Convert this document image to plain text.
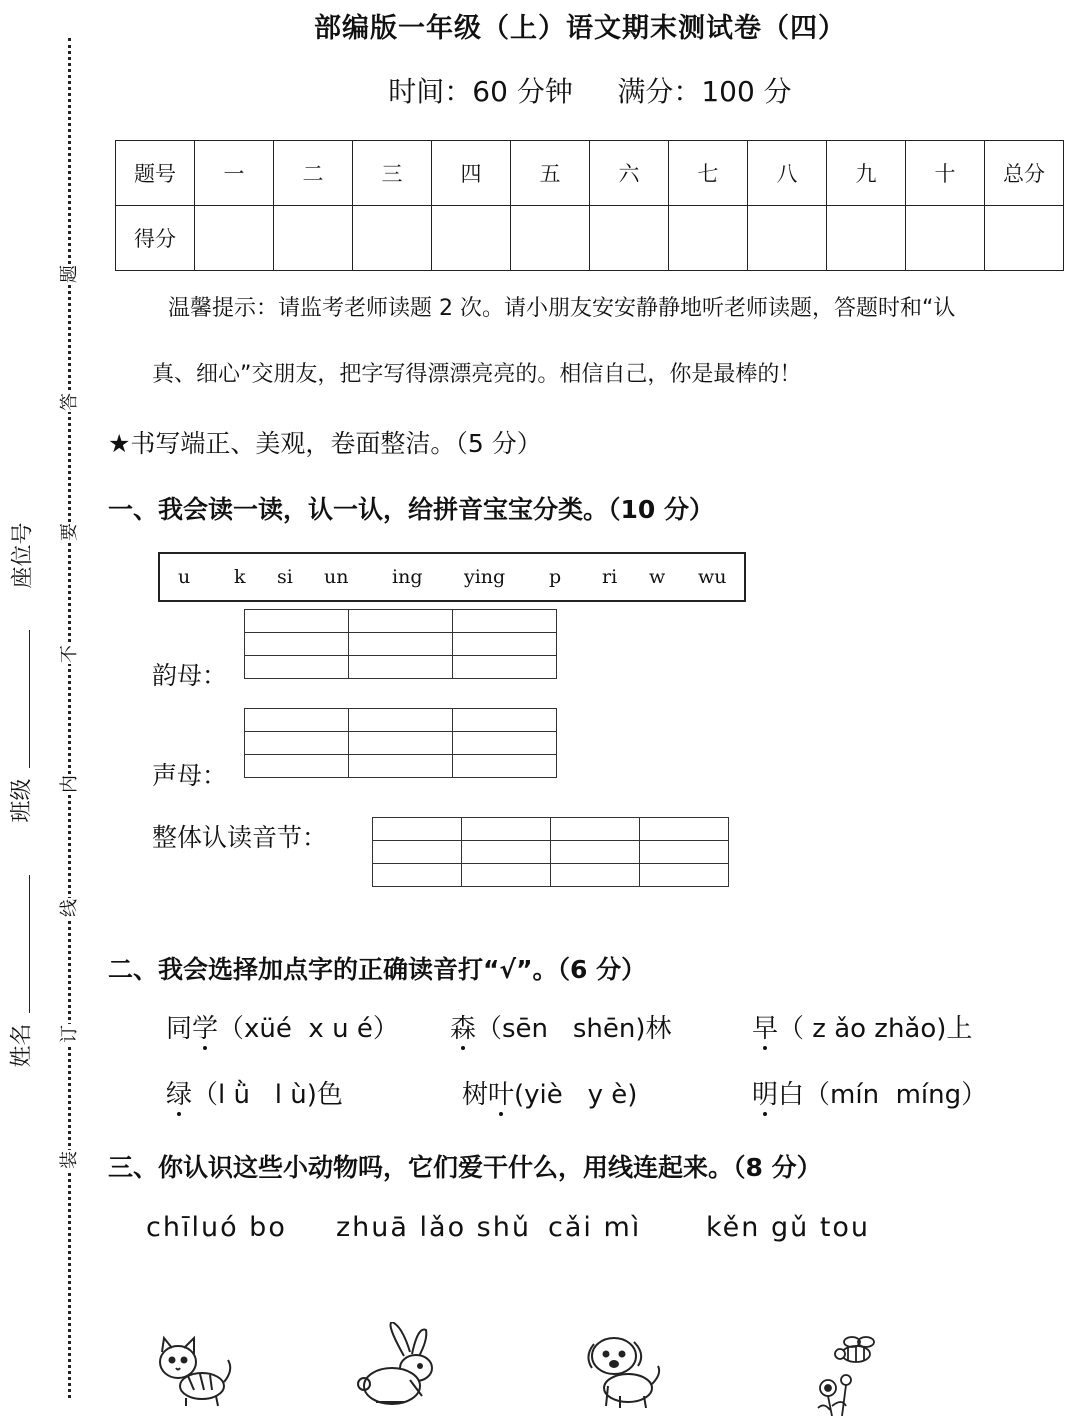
题
答
要
不
内
线
订
装
座位号
班级
姓名
部编版一年级（上）语文期末测试卷（四）
时间：60 分钟     满分：100 分
题号	一	二	三	四	五	六	七	八	九	十	总分
得分											
温馨提示：请监考老师读题 2 次。请小朋友安安静静地听老师读题，答题时和“认
真、细心”交朋友，把字写得漂漂亮亮的。相信自己，你是最棒的！
★书写端正、美观，卷面整洁。（5 分）
一、我会读一读，认一认，给拼音宝宝分类。（10 分）
u k si un ing ying p ri w wu
韵母：

声母：

整体认读音节：

二、我会选择加点字的正确读音打“√”。（6 分）
同学（xüé  x u é） 森（sēn   shēn)林	早（ z ǎo zhǎo)上
绿（l ǜ   l ù)色	树叶(yiè   y è)	明白（mín  míng）
三、你认识这些小动物吗，它们爱干什么，用线连起来。（8 分）
chīluó bo zhuā lǎo shǔ cǎi mì kěn gǔ tou
